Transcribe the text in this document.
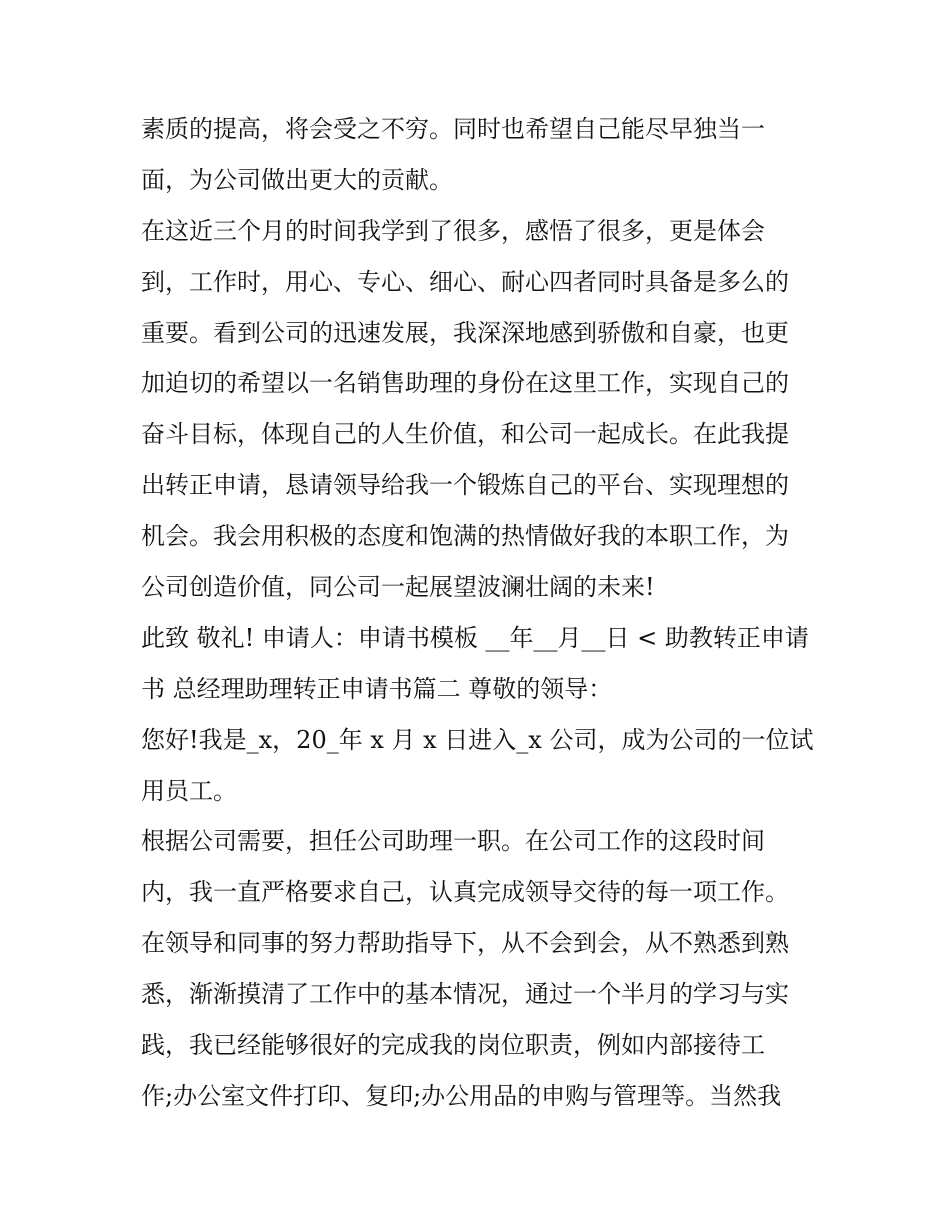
素质的提高，将会受之不穷。同时也希望自己能尽早独当一
面，为公司做出更大的贡献。
在这近三个月的时间我学到了很多，感悟了很多，更是体会
到，工作时，用心、专心、细心、耐心四者同时具备是多么的
重要。看到公司的迅速发展，我深深地感到骄傲和自豪，也更
加迫切的希望以一名销售助理的身份在这里工作，实现自己的
奋斗目标，体现自己的人生价值，和公司一起成长。在此我提
出转正申请，恳请领导给我一个锻炼自己的平台、实现理想的
机会。我会用积极的态度和饱满的热情做好我的本职工作，为
公司创造价值，同公司一起展望波澜壮阔的未来!
此致 敬礼! 申请人：申请书模板 __年__月__日 < 助教转正申请
书 总经理助理转正申请书篇二 尊敬的领导：
您好!我是_x，20_年 x 月 x 日进入_x 公司，成为公司的一位试
用员工。
根据公司需要，担任公司助理一职。在公司工作的这段时间
内，我一直严格要求自己，认真完成领导交待的每一项工作。
在领导和同事的努力帮助指导下，从不会到会，从不熟悉到熟
悉，渐渐摸清了工作中的基本情况，通过一个半月的学习与实
践，我已经能够很好的完成我的岗位职责，例如内部接待工
作;办公室文件打印、复印;办公用品的申购与管理等。当然我
